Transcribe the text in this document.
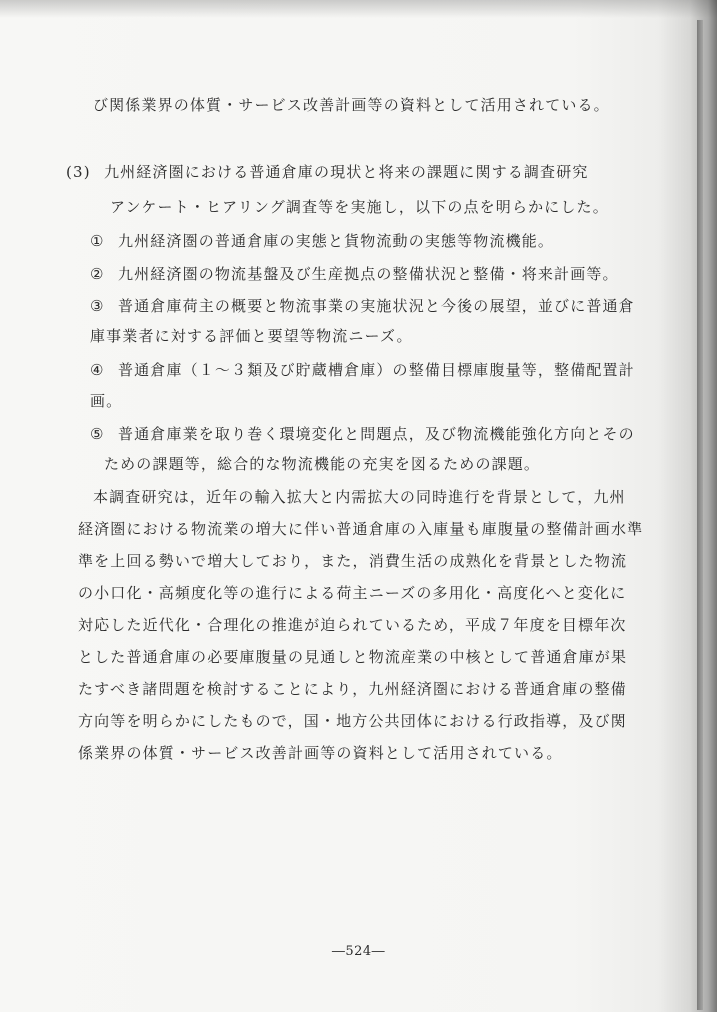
び関係業界の体質・サービス改善計画等の資料として活用されている。
(3) 九州経済圏における普通倉庫の現状と将来の課題に関する調査研究
アンケート・ヒアリング調査等を実施し，以下の点を明らかにした。
① 九州経済圏の普通倉庫の実態と貨物流動の実態等物流機能。
② 九州経済圏の物流基盤及び生産拠点の整備状況と整備・将来計画等。
③ 普通倉庫荷主の概要と物流事業の実施状況と今後の展望，並びに普通倉
庫事業者に対する評価と要望等物流ニーズ。
④ 普通倉庫（１～３類及び貯蔵槽倉庫）の整備目標庫腹量等，整備配置計
画。
⑤ 普通倉庫業を取り巻く環境変化と問題点，及び物流機能強化方向とその
ための課題等，総合的な物流機能の充実を図るための課題。
本調査研究は，近年の輸入拡大と内需拡大の同時進行を背景として，九州
経済圏における物流業の増大に伴い普通倉庫の入庫量も庫腹量の整備計画水準
準を上回る勢いで増大しており，また，消費生活の成熟化を背景とした物流
の小口化・高頻度化等の進行による荷主ニーズの多用化・高度化へと変化に
対応した近代化・合理化の推進が迫られているため，平成７年度を目標年次
とした普通倉庫の必要庫腹量の見通しと物流産業の中核として普通倉庫が果
たすべき諸問題を検討することにより，九州経済圏における普通倉庫の整備
方向等を明らかにしたもので，国・地方公共団体における行政指導，及び関
係業界の体質・サービス改善計画等の資料として活用されている。
―524―
